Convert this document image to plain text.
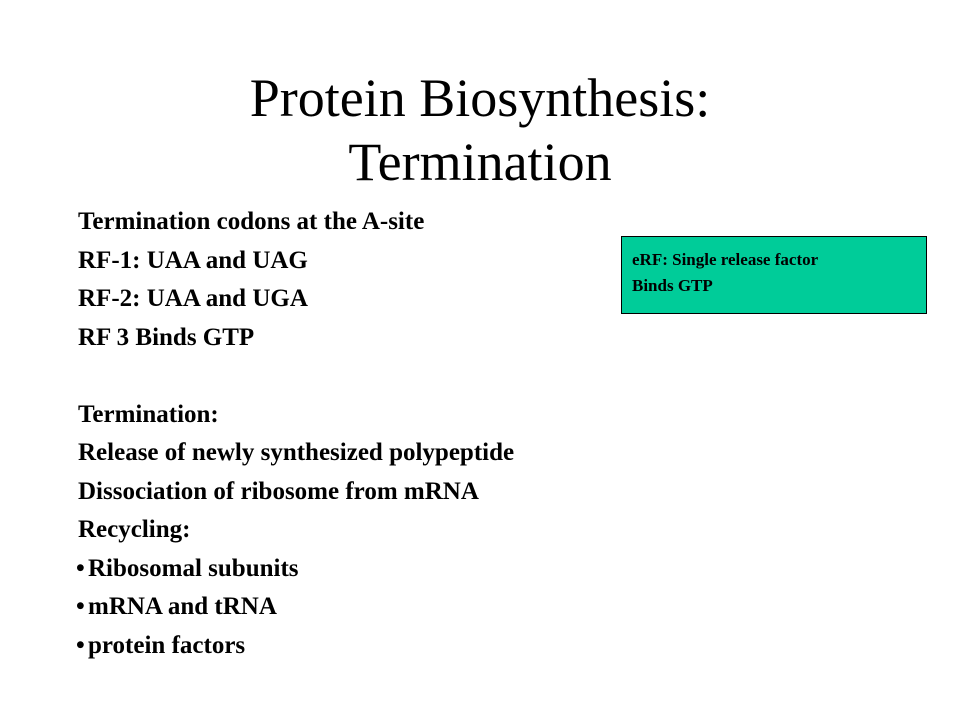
Protein Biosynthesis:
Termination
Termination codons at the A-site
RF-1: UAA and UAG
RF-2: UAA and UGA
RF 3 Binds GTP
Termination:
Release of newly synthesized polypeptide
Dissociation of ribosome from mRNA
Recycling:
• Ribosomal subunits
• mRNA and tRNA
• protein factors
eRF: Single release factor
Binds GTP
